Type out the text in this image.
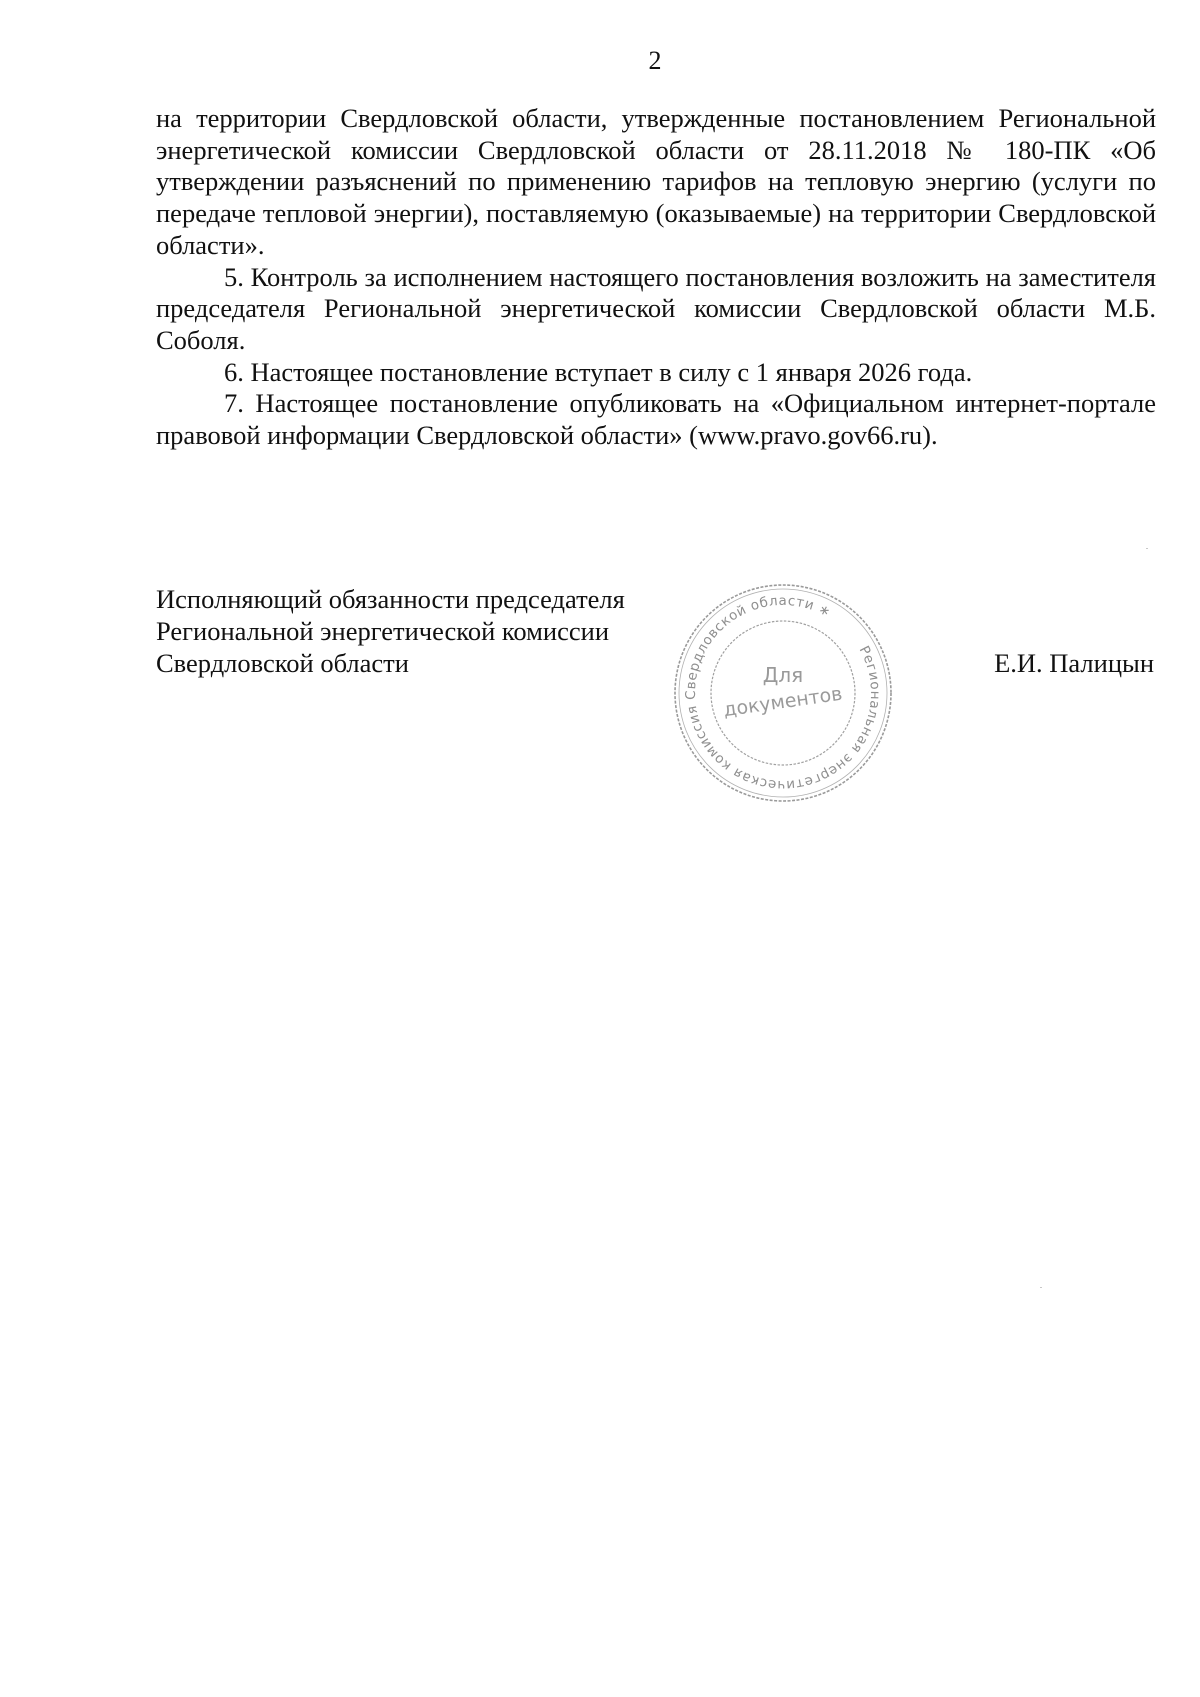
2

на территории Свердловской области, утвержденные постановлением Региональной энергетической комиссии Свердловской области от 28.11.2018 № 180-ПК «Об утверждении разъяснений по применению тарифов на тепловую энергию (услуги по передаче тепловой энергии), поставляемую (оказываемые) на территории Свердловской области».

5. Контроль за исполнением настоящего постановления возложить на заместителя председателя Региональной энергетической комиссии Свердловской области М.Б. Соболя.

6. Настоящее постановление вступает в силу с 1 января 2026 года.

7. Настоящее постановление опубликовать на «Официальном интернет-портале правовой информации Свердловской области» (www.pravo.gov66.ru).

Исполняющий обязанности председателя
Региональной энергетической комиссии
Свердловской области	Е.И. Палицын
Региональная энергетическая комиссия Свердловской области ∗
Для
документов
